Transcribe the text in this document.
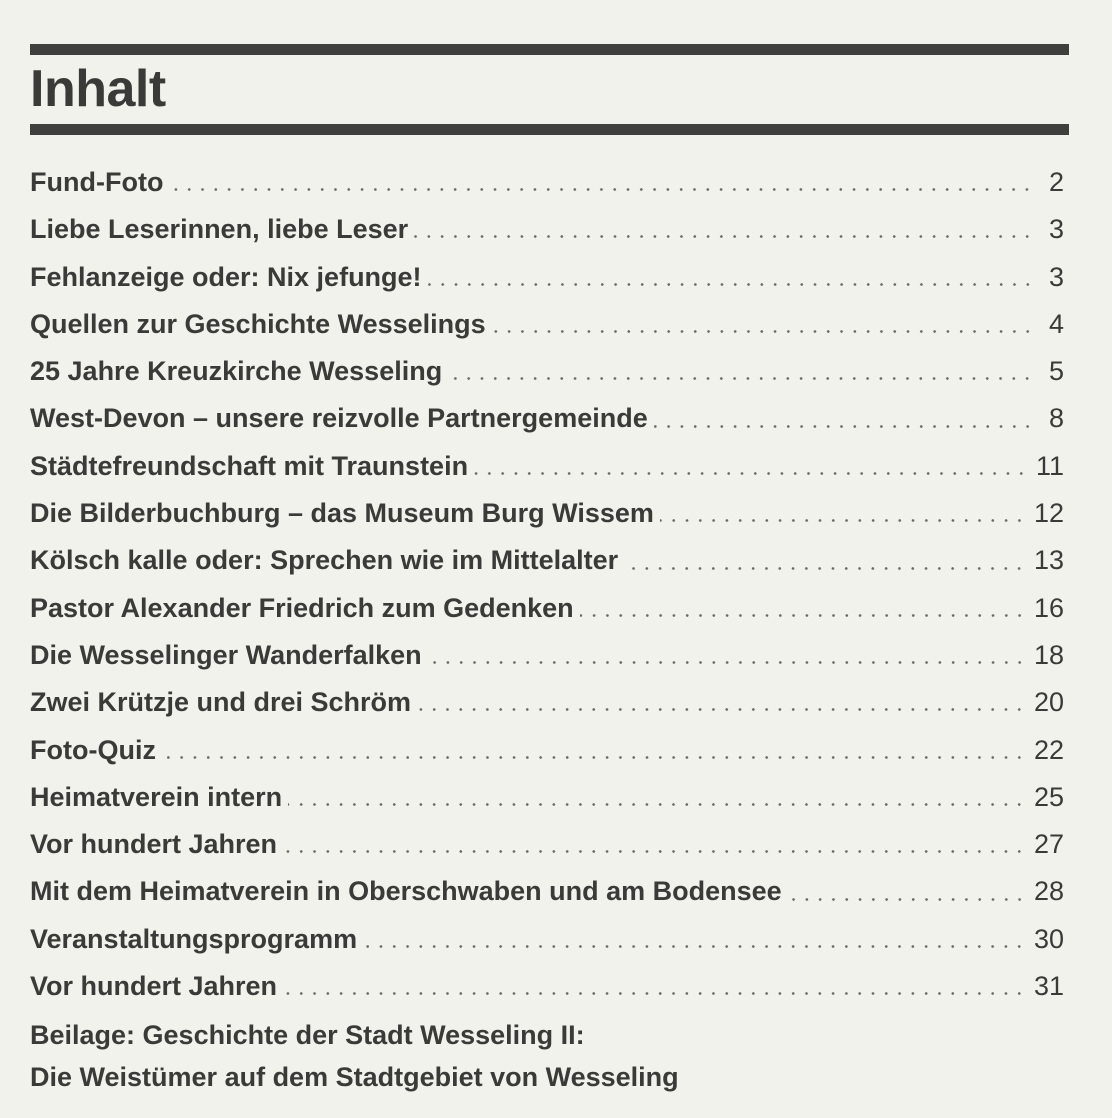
Inhalt
Fund-Foto	2
Liebe Leserinnen, liebe Leser	3
Fehlanzeige oder: Nix jefunge!	3
Quellen zur Geschichte Wesselings	4
25 Jahre Kreuzkirche Wesseling	5
West-Devon – unsere reizvolle Partnergemeinde	8
Städtefreundschaft mit Traunstein	11
Die Bilderbuchburg – das Museum Burg Wissem	12
Kölsch kalle oder: Sprechen wie im Mittelalter	13
Pastor Alexander Friedrich zum Gedenken	16
Die Wesselinger Wanderfalken	18
Zwei Krützje und drei Schröm	20
Foto-Quiz	22
Heimatverein intern	25
Vor hundert Jahren	27
Mit dem Heimatverein in Oberschwaben und am Bodensee	28
Veranstaltungsprogramm	30
Vor hundert Jahren	31

Beilage: Geschichte der Stadt Wesseling II:
Die Weistümer auf dem Stadtgebiet von Wesseling
